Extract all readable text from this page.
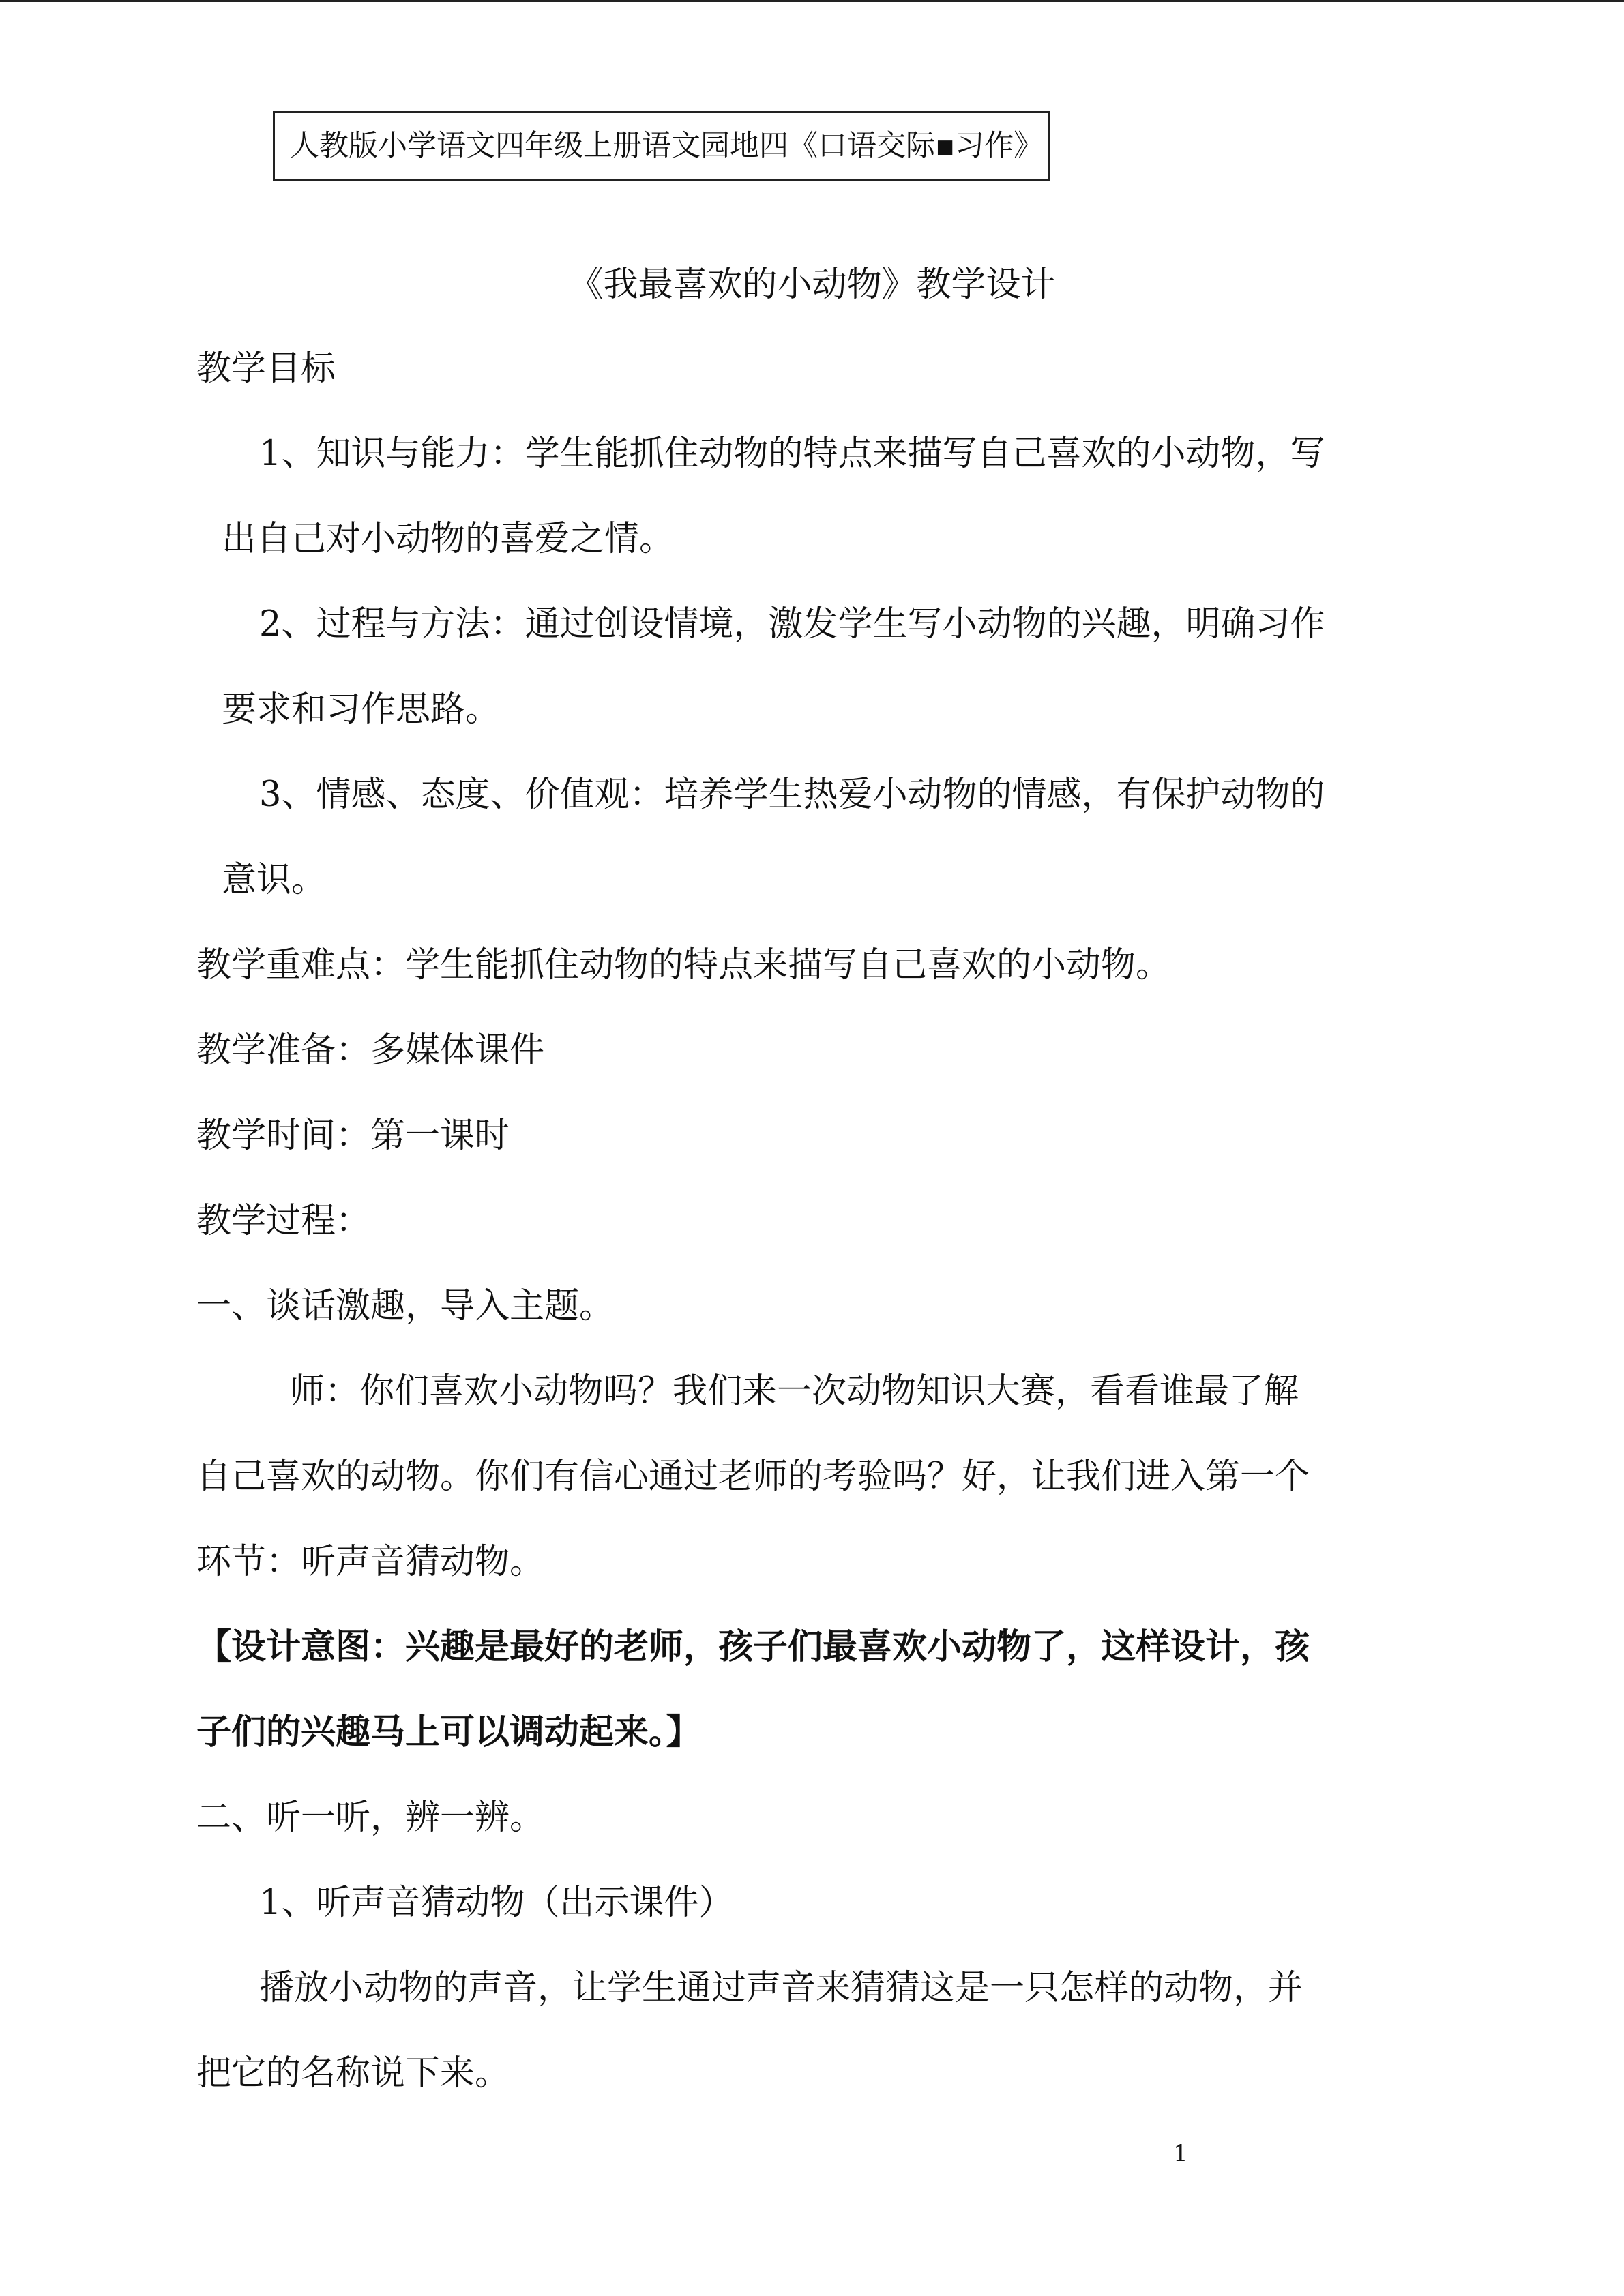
人教版小学语文四年级上册语文园地四《口语交际▪习作》
《我最喜欢的小动物》教学设计
教学目标
1、知识与能力：学生能抓住动物的特点来描写自己喜欢的小动物，写
出自己对小动物的喜爱之情。
2、过程与方法：通过创设情境，激发学生写小动物的兴趣，明确习作
要求和习作思路。
3、情感、态度、价值观：培养学生热爱小动物的情感，有保护动物的
意识。
教学重难点：学生能抓住动物的特点来描写自己喜欢的小动物。
教学准备：多媒体课件
教学时间：第一课时
教学过程：
一、谈话激趣，导入主题。
师：你们喜欢小动物吗？我们来一次动物知识大赛，看看谁最了解
自己喜欢的动物。你们有信心通过老师的考验吗？好，让我们进入第一个
环节：听声音猜动物。
【设计意图：兴趣是最好的老师，孩子们最喜欢小动物了，这样设计，孩
子们的兴趣马上可以调动起来。】
二、听一听，辨一辨。
1、听声音猜动物（出示课件）
播放小动物的声音，让学生通过声音来猜猜这是一只怎样的动物，并
把它的名称说下来。
1
